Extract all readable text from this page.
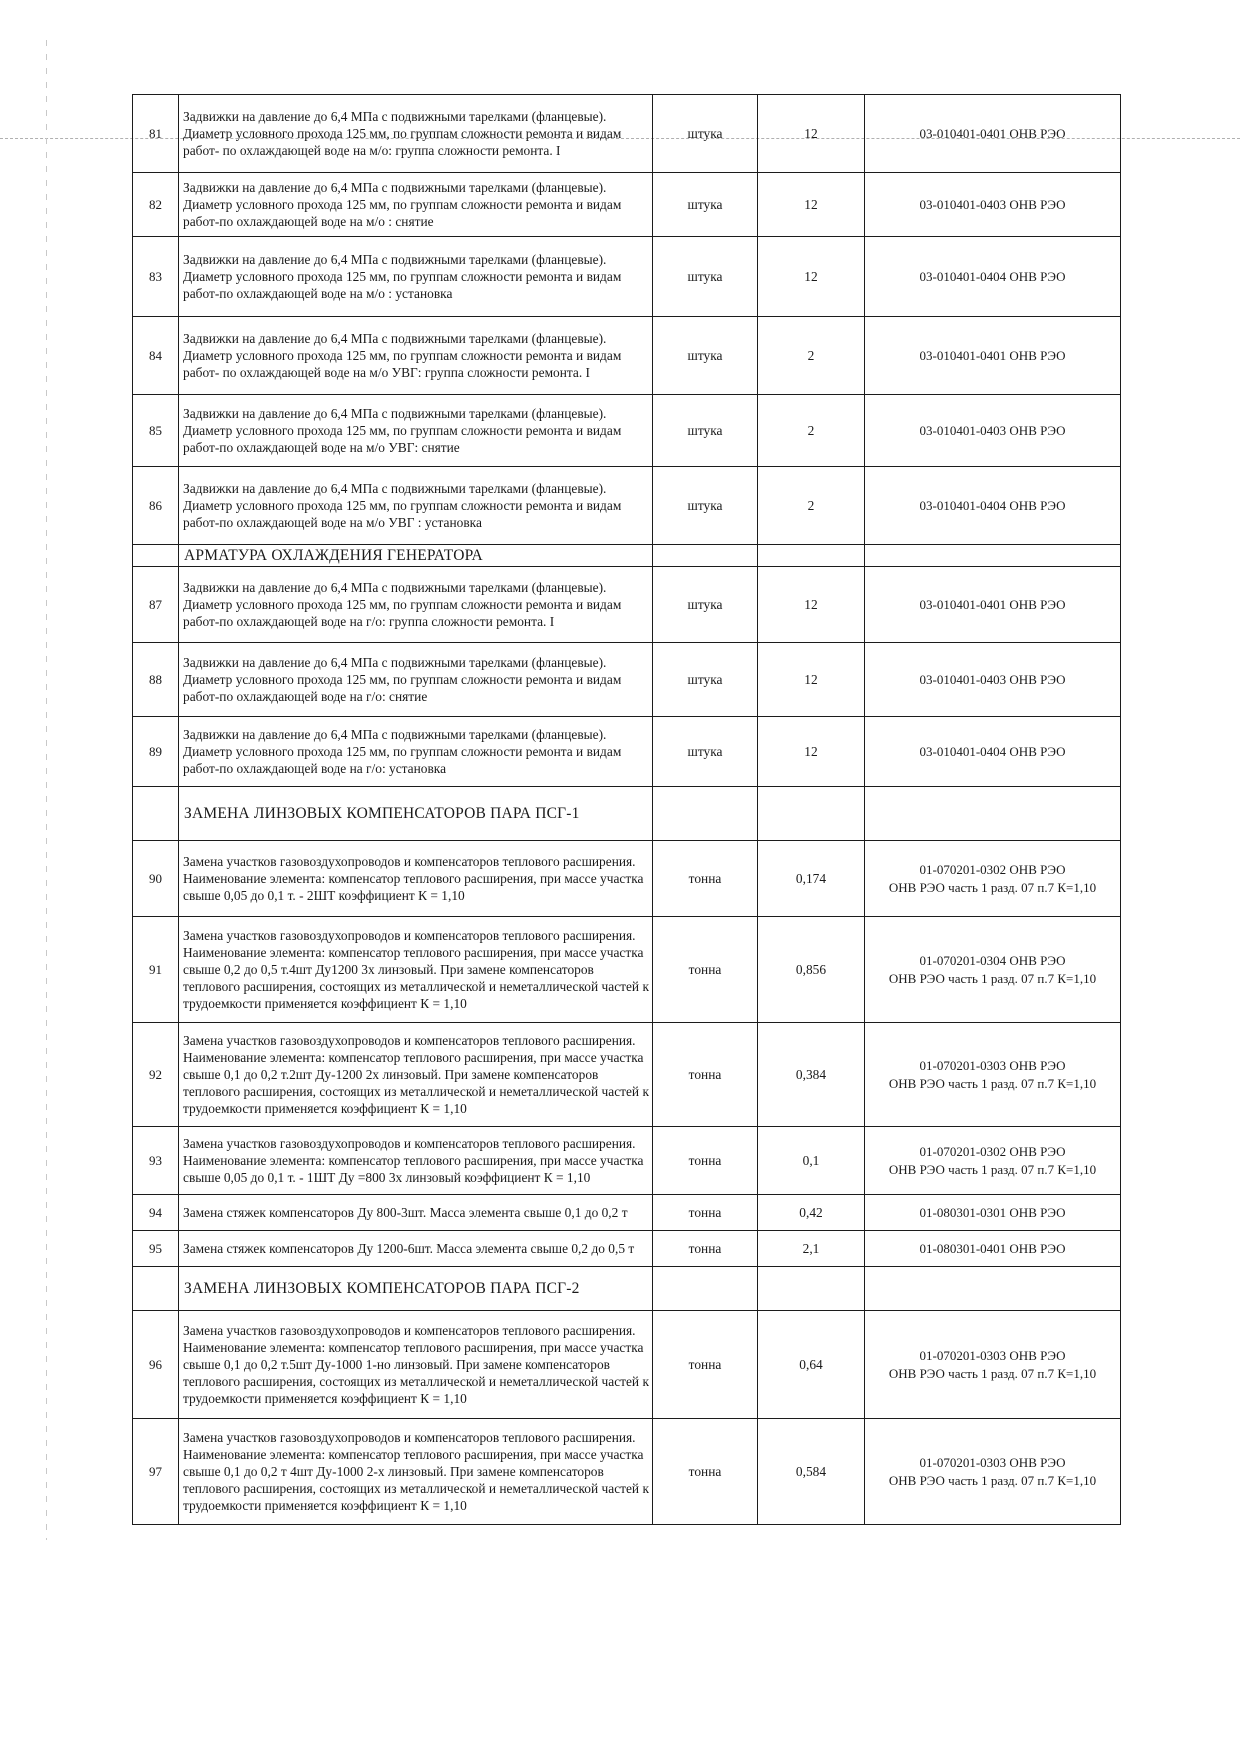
81	Задвижки на давление до 6,4 МПа с подвижными тарелками (фланцевые). Диаметр условного прохода 125 мм, по группам сложности ремонта и видам работ- по охлаждающей воде на м/о: группа сложности ремонта. I	штука	12	03-010401-0401 ОНВ РЭО

82	Задвижки на давление до 6,4 МПа с подвижными тарелками (фланцевые). Диаметр условного прохода 125 мм, по группам сложности ремонта и видам работ-по охлаждающей воде на м/о : снятие	штука	12	03-010401-0403 ОНВ РЭО

83	Задвижки на давление до 6,4 МПа с подвижными тарелками (фланцевые). Диаметр условного прохода 125 мм, по группам сложности ремонта и видам работ-по охлаждающей воде на м/о : установка	штука	12	03-010401-0404 ОНВ РЭО

84	Задвижки на давление до 6,4 МПа с подвижными тарелками (фланцевые). Диаметр условного прохода 125 мм, по группам сложности ремонта и видам работ- по охлаждающей воде на м/о УВГ: группа сложности ремонта. I	штука	2	03-010401-0401 ОНВ РЭО

85	Задвижки на давление до 6,4 МПа с подвижными тарелками (фланцевые). Диаметр условного прохода 125 мм, по группам сложности ремонта и видам работ-по охлаждающей воде на м/о УВГ: снятие	штука	2	03-010401-0403 ОНВ РЭО

86	Задвижки на давление до 6,4 МПа с подвижными тарелками (фланцевые). Диаметр условного прохода 125 мм, по группам сложности ремонта и видам работ-по охлаждающей воде на м/о УВГ : установка	штука	2	03-010401-0404 ОНВ РЭО

	АРМАТУРА ОХЛАЖДЕНИЯ ГЕНЕРАТОРА			
87	Задвижки на давление до 6,4 МПа с подвижными тарелками (фланцевые). Диаметр условного прохода 125 мм, по группам сложности ремонта и видам работ-по охлаждающей воде на г/о: группа сложности ремонта. I	штука	12	03-010401-0401 ОНВ РЭО

88	Задвижки на давление до 6,4 МПа с подвижными тарелками (фланцевые). Диаметр условного прохода 125 мм, по группам сложности ремонта и видам работ-по охлаждающей воде на г/о: снятие	штука	12	03-010401-0403 ОНВ РЭО

89	Задвижки на давление до 6,4 МПа с подвижными тарелками (фланцевые). Диаметр условного прохода 125 мм, по группам сложности ремонта и видам работ-по охлаждающей воде на г/о: установка	штука	12	03-010401-0404 ОНВ РЭО

	ЗАМЕНА ЛИНЗОВЫХ КОМПЕНСАТОРОВ ПАРА ПСГ-1			
90	Замена участков газовоздухопроводов и компенсаторов теплового расширения. Наименование элемента: компенсатор теплового расширения, при массе участка свыше 0,05 до 0,1 т. - 2ШТ коэффициент К = 1,10	тонна	0,174	01-070201-0302 ОНВ РЭО
ОНВ РЭО часть 1 разд. 07 п.7 К=1,10

91	Замена участков газовоздухопроводов и компенсаторов теплового расширения. Наименование элемента: компенсатор теплового расширения, при массе участка свыше 0,2 до 0,5 т.4шт Ду1200 3х линзовый. При замене компенсаторов теплового расширения, состоящих из металлической и неметаллической частей к трудоемкости применяется коэффициент К = 1,10	тонна	0,856	01-070201-0304 ОНВ РЭО
ОНВ РЭО часть 1 разд. 07 п.7 К=1,10

92	Замена участков газовоздухопроводов и компенсаторов теплового расширения. Наименование элемента: компенсатор теплового расширения, при массе участка свыше 0,1 до 0,2 т.2шт Ду-1200 2х линзовый. При замене компенсаторов теплового расширения, состоящих из металлической и неметаллической частей к трудоемкости применяется коэффициент К = 1,10	тонна	0,384	01-070201-0303 ОНВ РЭО
ОНВ РЭО часть 1 разд. 07 п.7 К=1,10

93	Замена участков газовоздухопроводов и компенсаторов теплового расширения. Наименование элемента: компенсатор теплового расширения, при массе участка свыше 0,05 до 0,1 т. - 1ШТ Ду =800 3х линзовый коэффициент К = 1,10	тонна	0,1	01-070201-0302 ОНВ РЭО
ОНВ РЭО часть 1 разд. 07 п.7 К=1,10

94	Замена стяжек компенсаторов Ду 800-3шт. Масса элемента свыше 0,1 до 0,2 т	тонна	0,42	01-080301-0301 ОНВ РЭО

95	Замена стяжек компенсаторов Ду 1200-6шт. Масса элемента свыше 0,2 до 0,5 т	тонна	2,1	01-080301-0401 ОНВ РЭО

	ЗАМЕНА ЛИНЗОВЫХ КОМПЕНСАТОРОВ ПАРА ПСГ-2			
96	Замена участков газовоздухопроводов и компенсаторов теплового расширения. Наименование элемента: компенсатор теплового расширения, при массе участка свыше 0,1 до 0,2 т.5шт Ду-1000 1-но линзовый. При замене компенсаторов теплового расширения, состоящих из металлической и неметаллической частей к трудоемкости применяется коэффициент К = 1,10	тонна	0,64	01-070201-0303 ОНВ РЭО
ОНВ РЭО часть 1 разд. 07 п.7 К=1,10

97	Замена участков газовоздухопроводов и компенсаторов теплового расширения. Наименование элемента: компенсатор теплового расширения, при массе участка свыше 0,1 до 0,2 т 4шт Ду-1000 2-х линзовый. При замене компенсаторов теплового расширения, состоящих из металлической и неметаллической частей к трудоемкости применяется коэффициент К = 1,10	тонна	0,584	01-070201-0303 ОНВ РЭО
ОНВ РЭО часть 1 разд. 07 п.7 К=1,10
